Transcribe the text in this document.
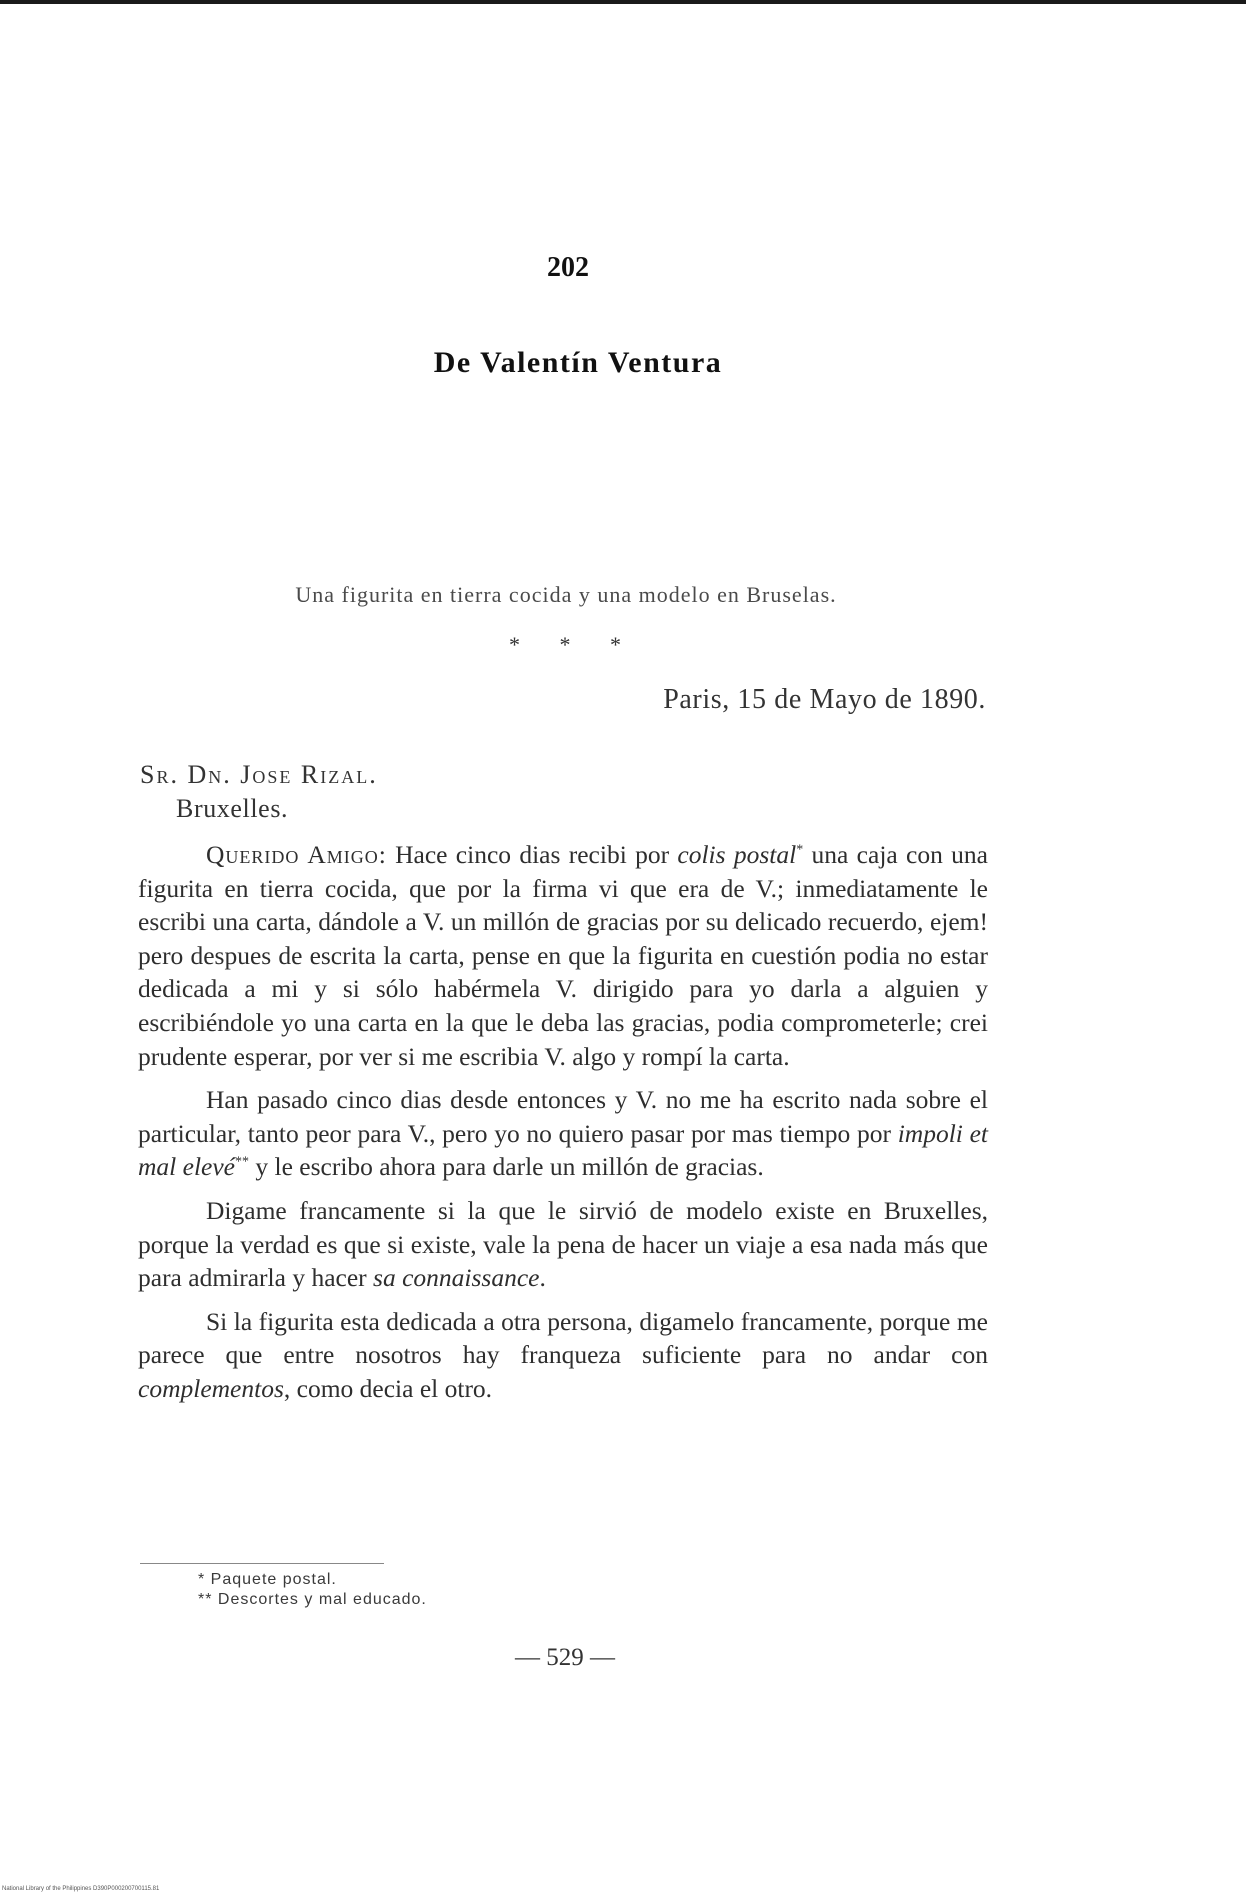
202
De Valentín Ventura
Una figurita en tierra cocida y una modelo en Bruselas.
* * *
Paris, 15 de Mayo de 1890.
Sr. Dn. Jose Rizal.
Bruxelles.

Querido Amigo: Hace cinco dias recibi por colis postal* una caja con una figurita en tierra cocida, que por la firma vi que era de V.; inmediatamente le escribi una carta, dándole a V. un millón de gracias por su delicado recuerdo, ejem! pero despues de escrita la carta, pense en que la figurita en cuestión podia no estar dedicada a mi y si sólo habérmela V. dirigido para yo darla a alguien y escribiéndole yo una carta en la que le deba las gracias, podia comprometerle; crei prudente esperar, por ver si me escribia V. algo y rompí la carta.

Han pasado cinco dias desde entonces y V. no me ha escrito nada sobre el particular, tanto peor para V., pero yo no quiero pasar por mas tiempo por impoli et mal elevé** y le escribo ahora para darle un millón de gracias.

Digame francamente si la que le sirvió de modelo existe en Bruxelles, porque la verdad es que si existe, vale la pena de hacer un viaje a esa nada más que para admirarla y hacer sa connaissance.

Si la figurita esta dedicada a otra persona, digamelo francamente, porque me parece que entre nosotros hay franqueza suficiente para no andar con complementos, como decia el otro.

* Paquete postal.
** Descortes y mal educado.
— 529 —
National Library of the Philippines D390P000200700115.81
